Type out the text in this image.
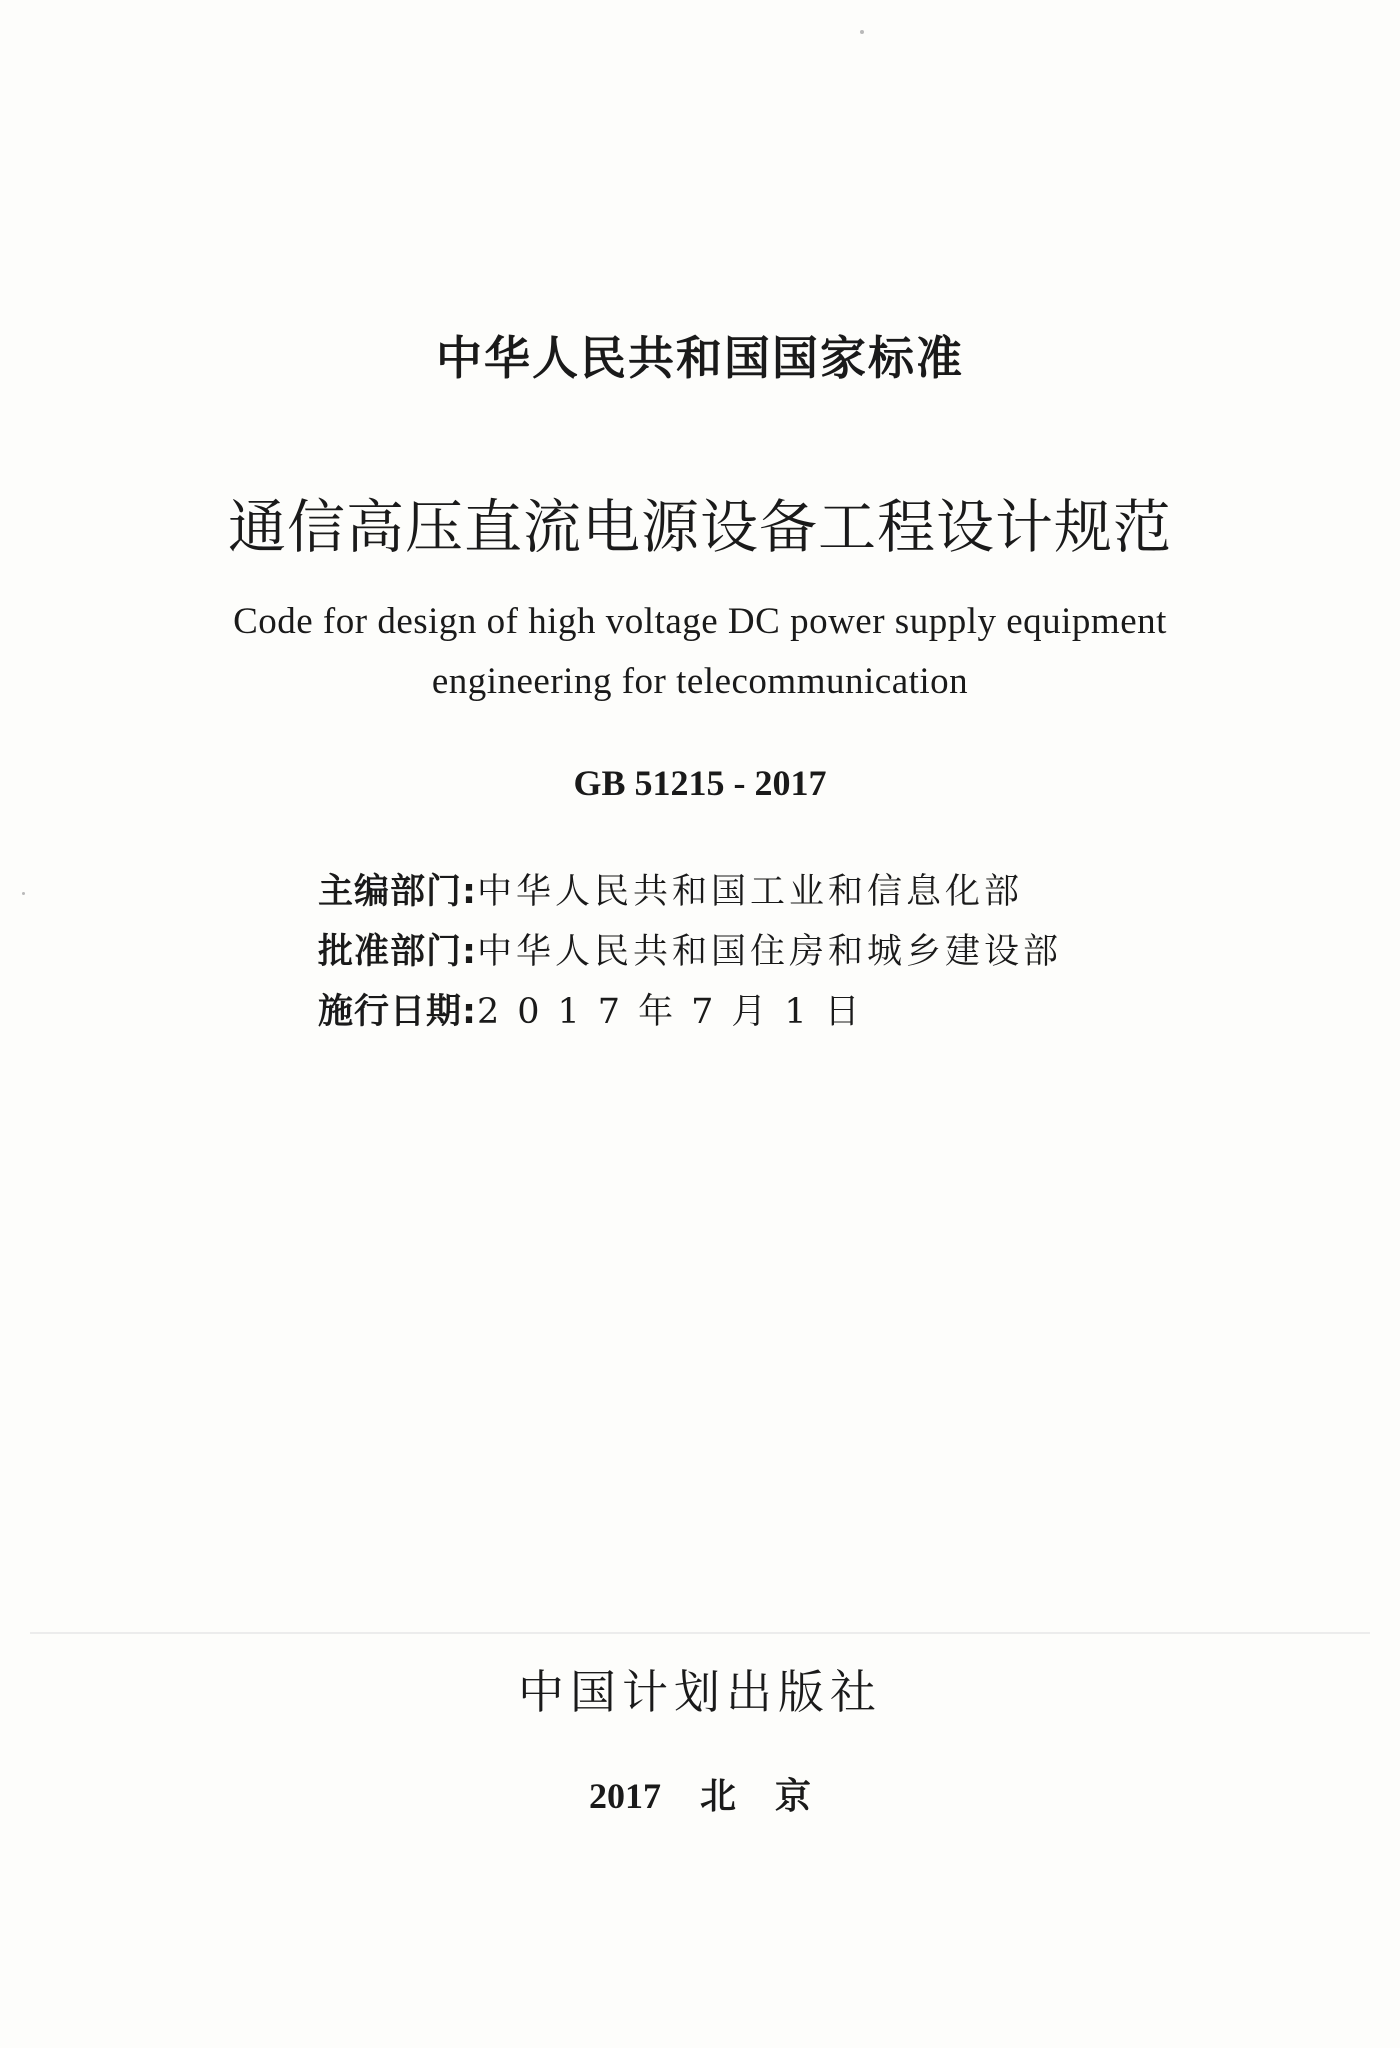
中华人民共和国国家标准
通信高压直流电源设备工程设计规范
Code for design of high voltage DC power supply equipment
engineering for telecommunication
GB 51215 - 2017
主编部门:中华人民共和国工业和信息化部
批准部门:中华人民共和国住房和城乡建设部
施行日期:2017年7月1日
中国计划出版社
2017 北 京
